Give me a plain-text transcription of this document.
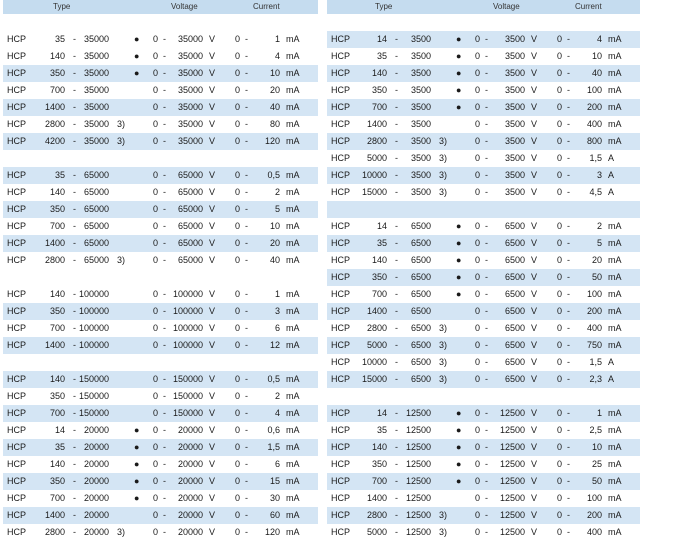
Type	Voltage	Current
HCP	35 - 35000	● 0 -	35000 V 0 -	1 mA
HCP	140 - 35000	● 0 -	35000 V 0 -	4 mA
HCP	350 - 35000	● 0 -	35000 V 0 -	10 mA
HCP	700 - 35000	0 -	35000 V 0 -	20 mA
HCP	1400 - 35000	0 -	35000 V 0 -	40 mA
HCP	2800 - 35000 3)	0 -	35000 V 0 -	80 mA
HCP	4200 - 35000 3)	0 -	35000 V 0 -	120 mA
HCP	35 - 65000	0 -	65000 V 0 -	0,5 mA
HCP	140 - 65000	0 -	65000 V 0 -	2 mA
HCP	350 - 65000	0 -	65000 V 0 -	5 mA
HCP	700 - 65000	0 -	65000 V 0 -	10 mA
HCP	1400 - 65000	0 -	65000 V 0 -	20 mA
HCP	2800 - 65000 3)	0 -	65000 V 0 -	40 mA
HCP	140 - 100000	0 - 100000 V 0 -	1 mA
HCP	350 - 100000	0 - 100000 V 0 -	3 mA
HCP	700 - 100000	0 - 100000 V 0 -	6 mA
HCP	1400 - 100000	0 - 100000 V 0 -	12 mA
HCP	140 - 150000	0 - 150000 V 0 -	0,5 mA
HCP	350 - 150000	0 - 150000 V 0 -	2 mA
HCP	700 - 150000	0 - 150000 V 0 -	4 mA
HCP	14 - 20000	● 0 -	20000 V 0 -	0,6 mA
HCP	35 - 20000	● 0 -	20000 V 0 -	1,5 mA
HCP	140 - 20000	● 0 -	20000 V 0 -	6 mA
HCP	350 - 20000	● 0 -	20000 V 0 -	15 mA
HCP	700 - 20000	● 0 -	20000 V 0 -	30 mA
HCP	1400 - 20000	0 -	20000 V 0 -	60 mA
HCP	2800 - 20000 3)	0 -	20000 V 0 -	120 mA
Type	Voltage	Current
HCP	14 -	3500	● 0 -	3500 V 0 -	4 mA
HCP	35 -	3500	● 0 -	3500 V 0 -	10 mA
HCP	140 -	3500	● 0 -	3500 V 0 -	40 mA
HCP	350 -	3500	● 0 -	3500 V 0 -	100 mA
HCP	700 -	3500	● 0 -	3500 V 0 -	200 mA
HCP	1400 -	3500	0 -	3500 V 0 -	400 mA
HCP	2800 -	3500 3)	0 -	3500 V 0 -	800 mA
HCP	5000 -	3500 3)	0 -	3500 V 0 -	1,5 A
HCP	10000 -	3500 3)	0 -	3500 V 0 -	3 A
HCP	15000 -	3500 3)	0 -	3500 V 0 -	4,5 A
HCP	14 -	6500	● 0 -	6500 V 0 -	2 mA
HCP	35 -	6500	● 0 -	6500 V 0 -	5 mA
HCP	140 -	6500	● 0 -	6500 V 0 -	20 mA
HCP	350 -	6500	● 0 -	6500 V 0 -	50 mA
HCP	700 -	6500	● 0 -	6500 V 0 -	100 mA
HCP	1400 -	6500	0 -	6500 V 0 -	200 mA
HCP	2800 -	6500 3)	0 -	6500 V 0 -	400 mA
HCP	5000 -	6500 3)	0 -	6500 V 0 -	750 mA
HCP	10000 -	6500 3)	0 -	6500 V 0 -	1,5 A
HCP	15000 -	6500 3)	0 -	6500 V 0 -	2,3 A
HCP	14 - 12500	● 0 -	12500 V 0 -	1 mA
HCP	35 - 12500	● 0 -	12500 V 0 -	2,5 mA
HCP	140 - 12500	● 0 -	12500 V 0 -	10 mA
HCP	350 - 12500	● 0 -	12500 V 0 -	25 mA
HCP	700 - 12500	● 0 -	12500 V 0 -	50 mA
HCP	1400 - 12500	0 -	12500 V 0 -	100 mA
HCP	2800 - 12500 3)	0 -	12500 V 0 -	200 mA
HCP	5000 - 12500 3)	0 -	12500 V 0 -	400 mA
